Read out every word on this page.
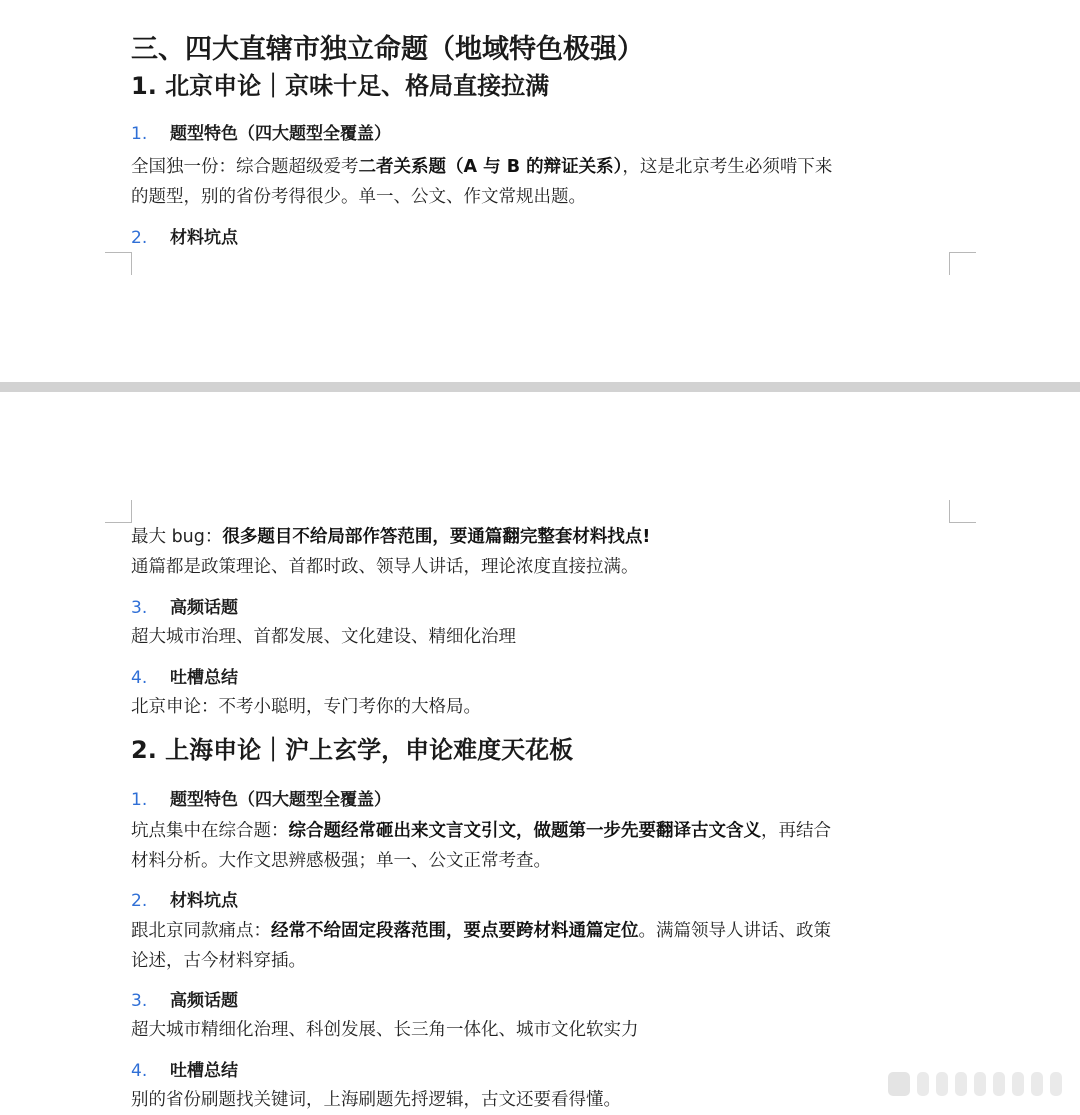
三、四大直辖市独立命题（地域特色极强）
1. 北京申论｜京味十足、格局直接拉满
1. 题型特色（四大题型全覆盖）
全国独一份：综合题超级爱考二者关系题（A 与 B 的辩证关系），这是北京考生必须啃下来
的题型，别的省份考得很少。单一、公文、作文常规出题。
2. 材料坑点
最大 bug：很多题目不给局部作答范围，要通篇翻完整套材料找点!
通篇都是政策理论、首都时政、领导人讲话，理论浓度直接拉满。
3. 高频话题
超大城市治理、首都发展、文化建设、精细化治理
4. 吐槽总结
北京申论：不考小聪明，专门考你的大格局。
2. 上海申论｜沪上玄学，申论难度天花板
1. 题型特色（四大题型全覆盖）
坑点集中在综合题：综合题经常砸出来文言文引文，做题第一步先要翻译古文含义，再结合
材料分析。大作文思辨感极强；单一、公文正常考查。
2. 材料坑点
跟北京同款痛点：经常不给固定段落范围，要点要跨材料通篇定位。满篇领导人讲话、政策
论述，古今材料穿插。
3. 高频话题
超大城市精细化治理、科创发展、长三角一体化、城市文化软实力
4. 吐槽总结
别的省份刷题找关键词，上海刷题先捋逻辑，古文还要看得懂。
